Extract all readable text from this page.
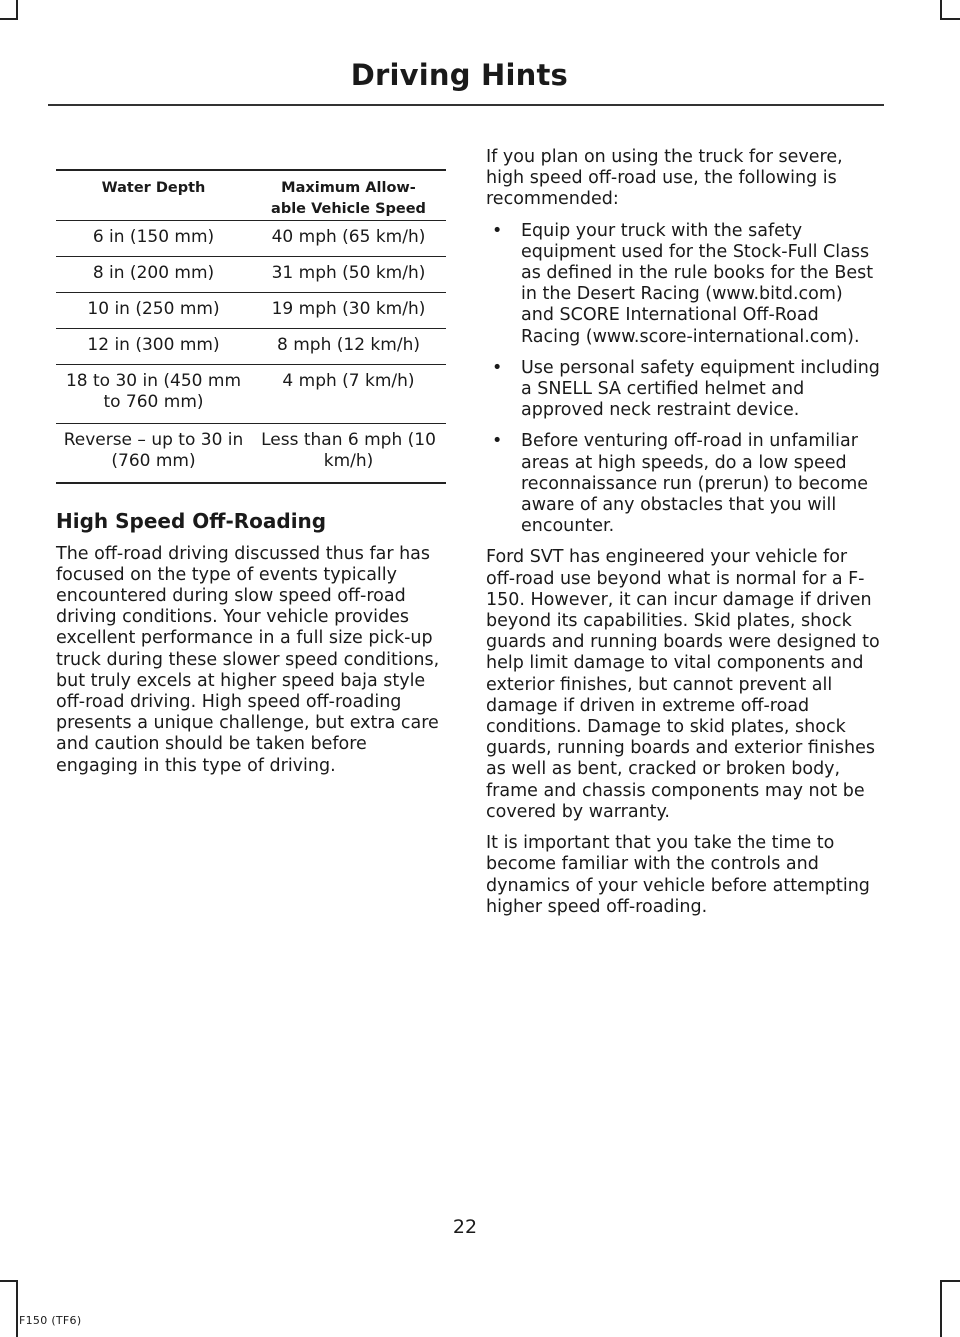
Driving Hints
Water Depth	Maximum Allow-
able Vehicle Speed
6 in (150 mm)	40 mph (65 km/h)
8 in (200 mm)	31 mph (50 km/h)
10 in (250 mm)	19 mph (30 km/h)
12 in (300 mm)	8 mph (12 km/h)
18 to 30 in (450 mm to 760 mm)	4 mph (7 km/h)
Reverse – up to 30 in (760 mm)	Less than 6 mph (10 km/h)
High Speed Off-Roading

The off-road driving discussed thus far has focused on the type of events typically encountered during slow speed off-road driving conditions. Your vehicle provides excellent performance in a full size pick-up truck during these slower speed conditions, but truly excels at higher speed baja style off-road driving. High speed off-roading presents a unique challenge, but extra care and caution should be taken before engaging in this type of driving.

If you plan on using the truck for severe, high speed off-road use, the following is recommended:

• Equip your truck with the safety equipment used for the Stock-Full Class as defined in the rule books for the Best in the Desert Racing (www.bitd.com) and SCORE International Off-Road Racing (www.score-international.com).
• Use personal safety equipment including a SNELL SA certified helmet and approved neck restraint device.
• Before venturing off-road in unfamiliar areas at high speeds, do a low speed reconnaissance run (prerun) to become aware of any obstacles that you will encounter.

Ford SVT has engineered your vehicle for off-road use beyond what is normal for a F-150. However, it can incur damage if driven beyond its capabilities. Skid plates, shock guards and running boards were designed to help limit damage to vital components and exterior finishes, but cannot prevent all damage if driven in extreme off-road conditions. Damage to skid plates, shock guards, running boards and exterior finishes as well as bent, cracked or broken body, frame and chassis components may not be covered by warranty.

It is important that you take the time to become familiar with the controls and dynamics of your vehicle before attempting higher speed off-roading.

22
F150 (TF6)
